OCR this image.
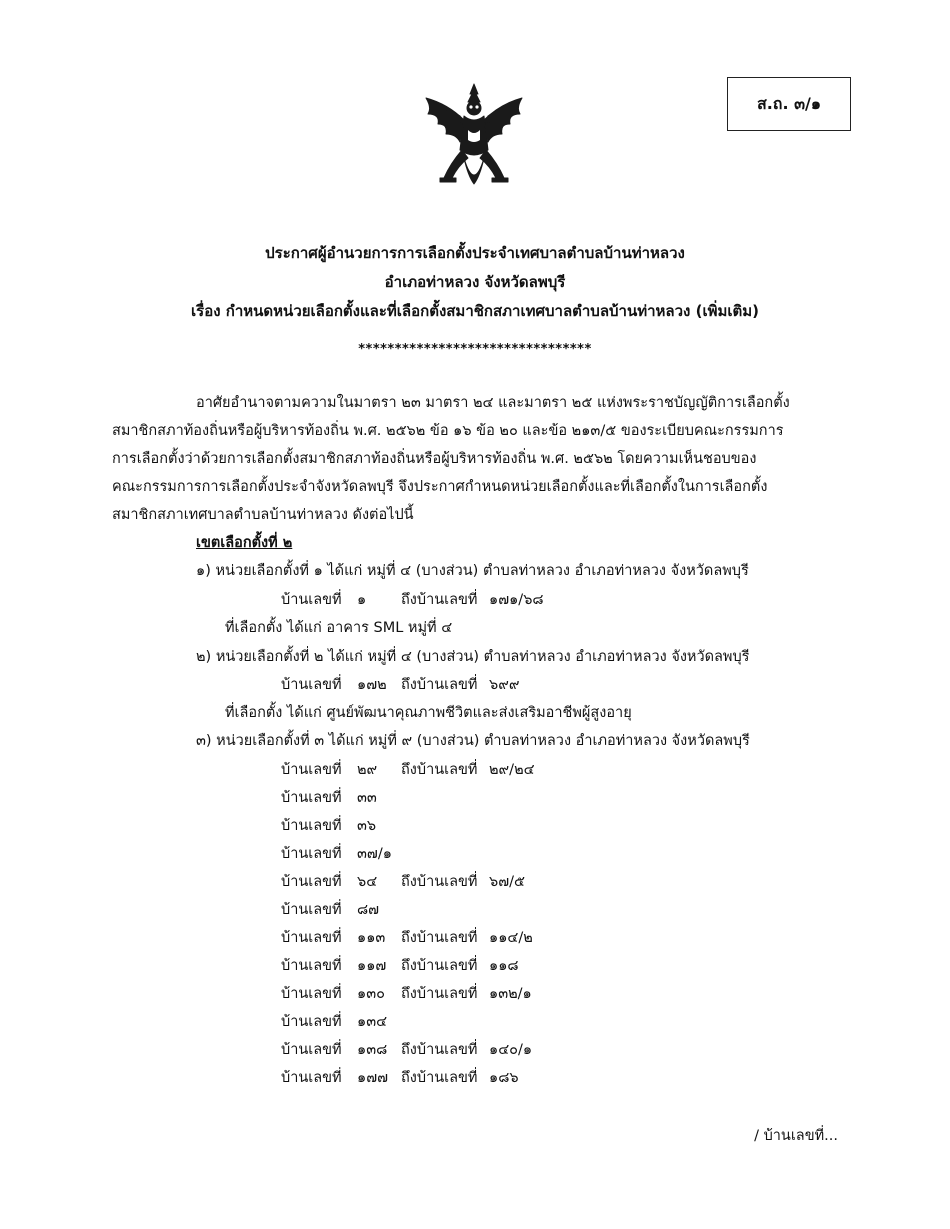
ส.ถ. ๓/๑
ประกาศผู้อำนวยการการเลือกตั้งประจำเทศบาลตำบลบ้านท่าหลวง
อำเภอท่าหลวง จังหวัดลพบุรี
เรื่อง กำหนดหน่วยเลือกตั้งและที่เลือกตั้งสมาชิกสภาเทศบาลตำบลบ้านท่าหลวง (เพิ่มเติม)
********************************
อาศัยอำนาจตามความในมาตรา ๒๓ มาตรา ๒๔ และมาตรา ๒๕ แห่งพระราชบัญญัติการเลือกตั้ง
สมาชิกสภาท้องถิ่นหรือผู้บริหารท้องถิ่น พ.ศ. ๒๕๖๒ ข้อ ๑๖ ข้อ ๒๐ และข้อ ๒๑๓/๕ ของระเบียบคณะกรรมการ
การเลือกตั้งว่าด้วยการเลือกตั้งสมาชิกสภาท้องถิ่นหรือผู้บริหารท้องถิ่น พ.ศ. ๒๕๖๒ โดยความเห็นชอบของ
คณะกรรมการการเลือกตั้งประจำจังหวัดลพบุรี จึงประกาศกำหนดหน่วยเลือกตั้งและที่เลือกตั้งในการเลือกตั้ง
สมาชิกสภาเทศบาลตำบลบ้านท่าหลวง ดังต่อไปนี้
เขตเลือกตั้งที่ ๒
๑) หน่วยเลือกตั้งที่ ๑ ได้แก่ หมู่ที่ ๔ (บางส่วน) ตำบลท่าหลวง อำเภอท่าหลวง จังหวัดลพบุรี
บ้านเลขที่ ๑ ถึงบ้านเลขที่ ๑๗๑/๖๘
ที่เลือกตั้ง ได้แก่ อาคาร SML หมู่ที่ ๔
๒) หน่วยเลือกตั้งที่ ๒ ได้แก่ หมู่ที่ ๔ (บางส่วน) ตำบลท่าหลวง อำเภอท่าหลวง จังหวัดลพบุรี
บ้านเลขที่ ๑๗๒ ถึงบ้านเลขที่ ๖๙๙
ที่เลือกตั้ง ได้แก่ ศูนย์พัฒนาคุณภาพชีวิตและส่งเสริมอาชีพผู้สูงอายุ
๓) หน่วยเลือกตั้งที่ ๓ ได้แก่ หมู่ที่ ๙ (บางส่วน) ตำบลท่าหลวง อำเภอท่าหลวง จังหวัดลพบุรี
บ้านเลขที่ ๒๙ ถึงบ้านเลขที่ ๒๙/๒๔
บ้านเลขที่ ๓๓
บ้านเลขที่ ๓๖
บ้านเลขที่ ๓๗/๑
บ้านเลขที่ ๖๔ ถึงบ้านเลขที่ ๖๗/๕
บ้านเลขที่ ๘๗
บ้านเลขที่ ๑๑๓ ถึงบ้านเลขที่ ๑๑๔/๒
บ้านเลขที่ ๑๑๗ ถึงบ้านเลขที่ ๑๑๘
บ้านเลขที่ ๑๓๐ ถึงบ้านเลขที่ ๑๓๒/๑
บ้านเลขที่ ๑๓๔
บ้านเลขที่ ๑๓๘ ถึงบ้านเลขที่ ๑๔๐/๑
บ้านเลขที่ ๑๗๗ ถึงบ้านเลขที่ ๑๘๖
/ บ้านเลขที่...
